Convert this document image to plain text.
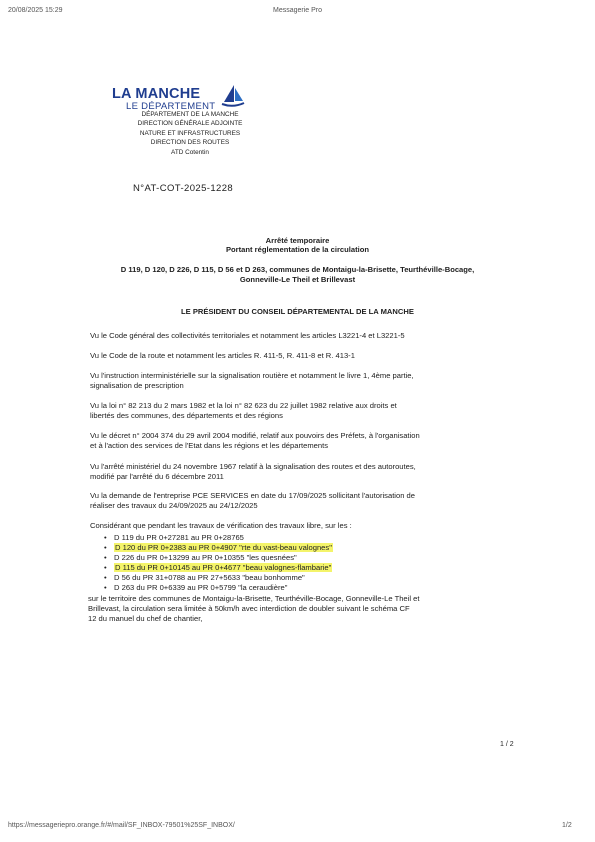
20/08/2025 15:29	Messagerie Pro
LA MANCHE
LE DÉPARTEMENT
DÉPARTEMENT DE LA MANCHE
DIRECTION GÉNÉRALE ADJOINTE
NATURE ET INFRASTRUCTURES
DIRECTION DES ROUTES
ATD Cotentin
N°AT-COT-2025-1228
Arrêté temporaire
Portant réglementation de la circulation
D 119, D 120, D 226, D 115, D 56 et D 263, communes de Montaigu-la-Brisette, Teurthéville-Bocage,
Gonneville-Le Theil et Brillevast
LE PRÉSIDENT DU CONSEIL DÉPARTEMENTAL DE LA MANCHE
Vu le Code général des collectivités territoriales et notamment les articles L3221-4 et L3221-5
Vu le Code de la route et notamment les articles R. 411-5, R. 411-8 et R. 413-1
Vu l'instruction interministérielle sur la signalisation routière et notamment le livre 1, 4ème partie,
signalisation de prescription
Vu la loi n° 82 213 du 2 mars 1982 et la loi n° 82 623 du 22 juillet 1982 relative aux droits et
libertés des communes, des départements et des régions
Vu le décret n° 2004 374 du 29 avril 2004 modifié, relatif aux pouvoirs des Préfets, à l'organisation
et à l'action des services de l'Etat dans les régions et les départements
Vu l'arrêté ministériel du 24 novembre 1967 relatif à la signalisation des routes et des autoroutes,
modifié par l'arrêté du 6 décembre 2011
Vu la demande de l'entreprise PCE SERVICES en date du 17/09/2025 sollicitant l'autorisation de
réaliser des travaux du 24/09/2025 au 24/12/2025
Considérant que pendant les travaux de vérification des travaux libre, sur les :
• D 119 du PR 0+27281 au PR 0+28765
• D 120 du PR 0+2383 au PR 0+4907 "rte du vast-beau valognes"
• D 226 du PR 0+13299 au PR 0+10355 "les quesnées"
• D 115 du PR 0+10145 au PR 0+4677 "beau valognes-flambarie"
• D 56 du PR 31+0788 au PR 27+5633 "beau bonhomme"
• D 263 du PR 0+6339 au PR 0+5799 "la ceraudière"
sur le territoire des communes de Montaigu-la-Brisette, Teurthéville-Bocage, Gonneville-Le Theil et
Brillevast, la circulation sera limitée à 50km/h avec interdiction de doubler suivant le schéma CF
12 du manuel du chef de chantier,
1 / 2
https://messageriepro.orange.fr/#/mail/SF_INBOX-79501%25SF_INBOX/	1/2
